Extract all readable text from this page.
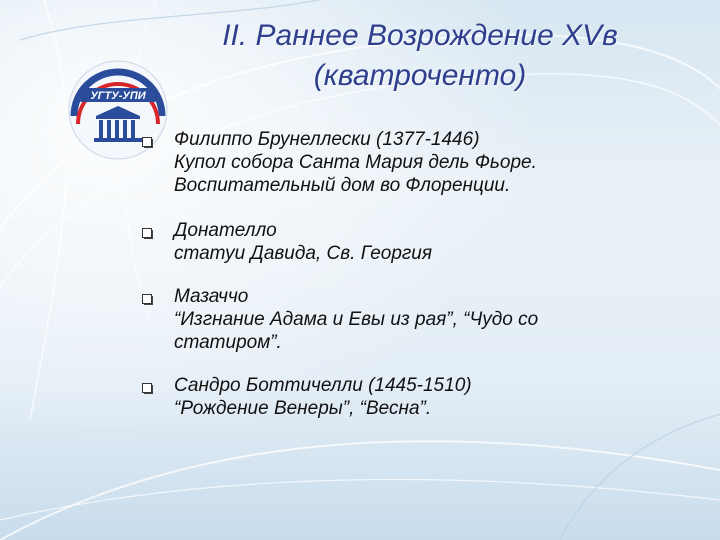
II. Раннее Возрождение XVв
(кватроченто)
УГТУ-УПИ
Филиппо Брунеллески (1377-1446)
Купол собора Санта Мария дель Фьоре.
Воспитательный дом во Флоренции.
Донателло
статуи Давида, Св. Георгия
Мазаччо
“Изгнание Адама и Евы из рая”, “Чудо со
статиром”.
Сандро Боттичелли (1445-1510)
“Рождение Венеры”, “Весна”.
